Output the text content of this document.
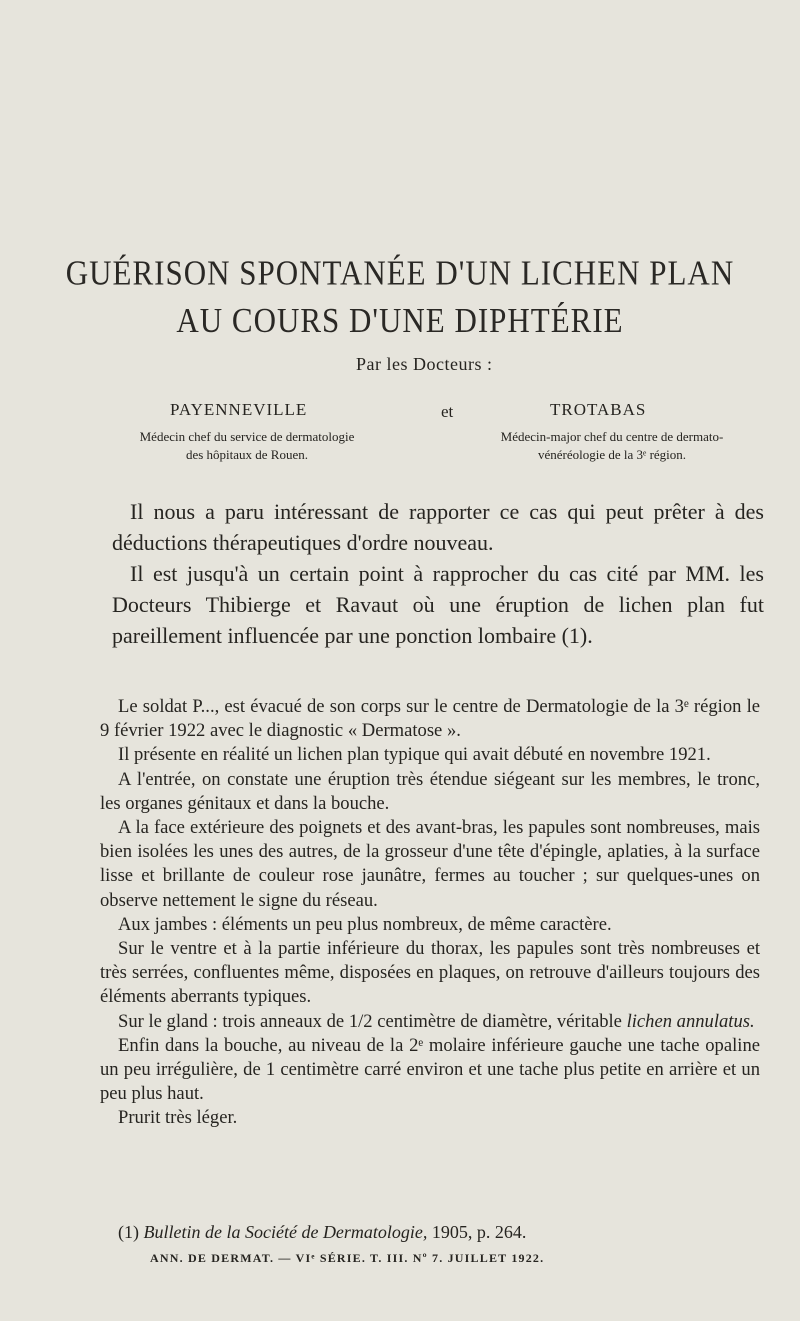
GUÉRISON SPONTANÉE D'UN LICHEN PLAN
AU COURS D'UNE DIPHTÉRIE
Par les Docteurs :
PAYENNEVILLE	et	TROTABAS
Médecin chef du service de dermatologie
des hôpitaux de Rouen.
Médecin-major chef du centre de dermato-
vénéréologie de la 3ᵉ région.

Il nous a paru intéressant de rapporter ce cas qui peut prêter à des déductions thérapeutiques d'ordre nouveau.

Il est jusqu'à un certain point à rapprocher du cas cité par MM. les Docteurs Thibierge et Ravaut où une éruption de lichen plan fut pareillement influencée par une ponction lombaire (1).

Le soldat P..., est évacué de son corps sur le centre de Dermatologie de la 3ᵉ région le 9 février 1922 avec le diagnostic « Dermatose ».

Il présente en réalité un lichen plan typique qui avait débuté en novembre 1921.

A l'entrée, on constate une éruption très étendue siégeant sur les membres, le tronc, les organes génitaux et dans la bouche.

A la face extérieure des poignets et des avant-bras, les papules sont nombreuses, mais bien isolées les unes des autres, de la grosseur d'une tête d'épingle, aplaties, à la surface lisse et brillante de couleur rose jaunâtre, fermes au toucher ; sur quelques-unes on observe nettement le signe du réseau.

Aux jambes : éléments un peu plus nombreux, de même caractère.

Sur le ventre et à la partie inférieure du thorax, les papules sont très nombreuses et très serrées, confluentes même, disposées en plaques, on retrouve d'ailleurs toujours des éléments aberrants typiques.

Sur le gland : trois anneaux de 1/2 centimètre de diamètre, véritable lichen annulatus.

Enfin dans la bouche, au niveau de la 2ᵉ molaire inférieure gauche une tache opaline un peu irrégulière, de 1 centimètre carré environ et une tache plus petite en arrière et un peu plus haut.

Prurit très léger.

(1) Bulletin de la Société de Dermatologie, 1905, p. 264.
ANN. DE DERMAT. — VIᵉ SÉRIE. T. III. Nº 7. JUILLET 1922.
